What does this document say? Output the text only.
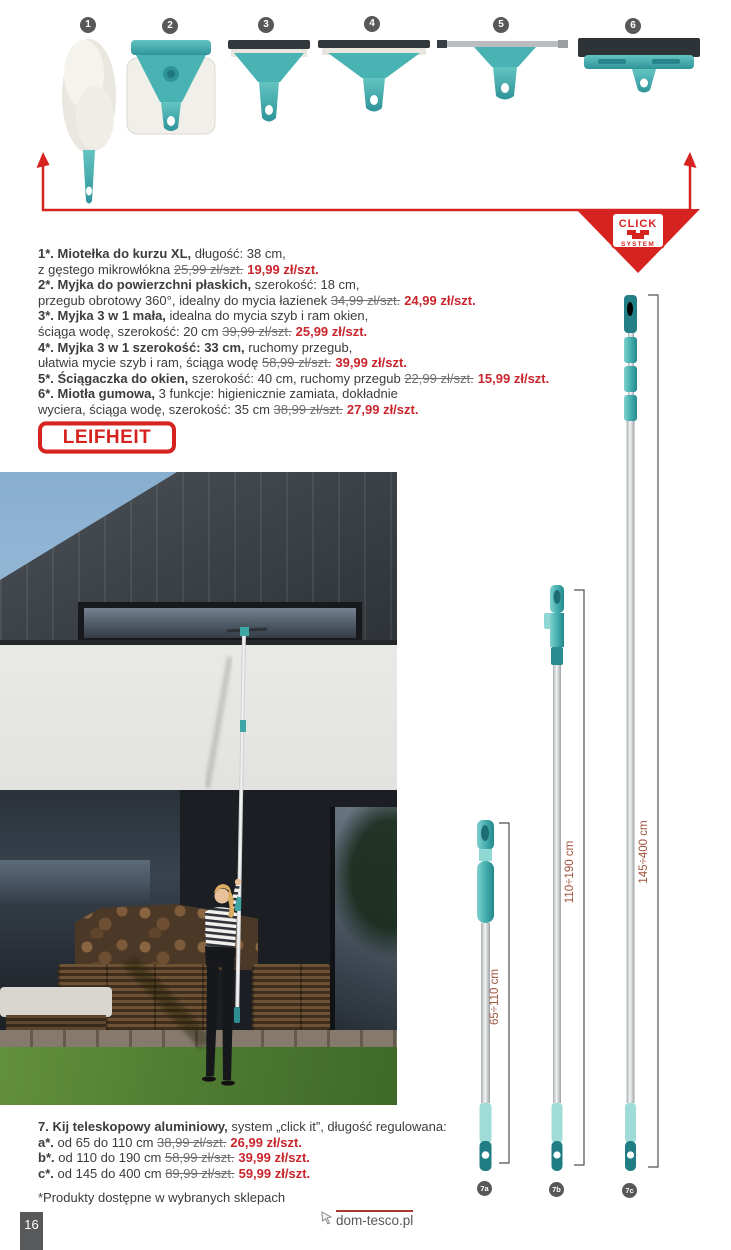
CLICK
SYSTEM
1	2	3	4	5	6
1*. Miotełka do kurzu XL, długość: 38 cm,
z gęstego mikrowłókna 25,99 zł/szt. 19,99 zł/szt.
2*. Myjka do powierzchni płaskich, szerokość: 18 cm,
przegub obrotowy 360°, idealny do mycia łazienek 34,99 zł/szt. 24,99 zł/szt.
3*. Myjka 3 w 1 mała, idealna do mycia szyb i ram okien,
ściąga wodę, szerokość: 20 cm 39,99 zł/szt. 25,99 zł/szt.
4*. Myjka 3 w 1 szerokość: 33 cm, ruchomy przegub,
ułatwia mycie szyb i ram, ściąga wodę 58,99 zł/szt. 39,99 zł/szt.
5*. Ściągaczka do okien, szerokość: 40 cm, ruchomy przegub 22,99 zł/szt. 15,99 zł/szt.
6*. Miotła gumowa, 3 funkcje: higienicznie zamiata, dokładnie
wyciera, ściąga wodę, szerokość: 35 cm 38,99 zł/szt. 27,99 zł/szt.
LEIFHEIT
65÷110 cm
110÷190 cm	145÷400 cm
7a	7b	7c
7. Kij teleskopowy aluminiowy, system „click it”, długość regulowana:
a*. od 65 do 110 cm 38,99 zł/szt. 26,99 zł/szt.
b*. od 110 do 190 cm 58,99 zł/szt. 39,99 zł/szt.
c*. od 145 do 400 cm 89,99 zł/szt. 59,99 zł/szt.
*Produkty dostępne w wybranych sklepach
16	dom-tesco.pl
